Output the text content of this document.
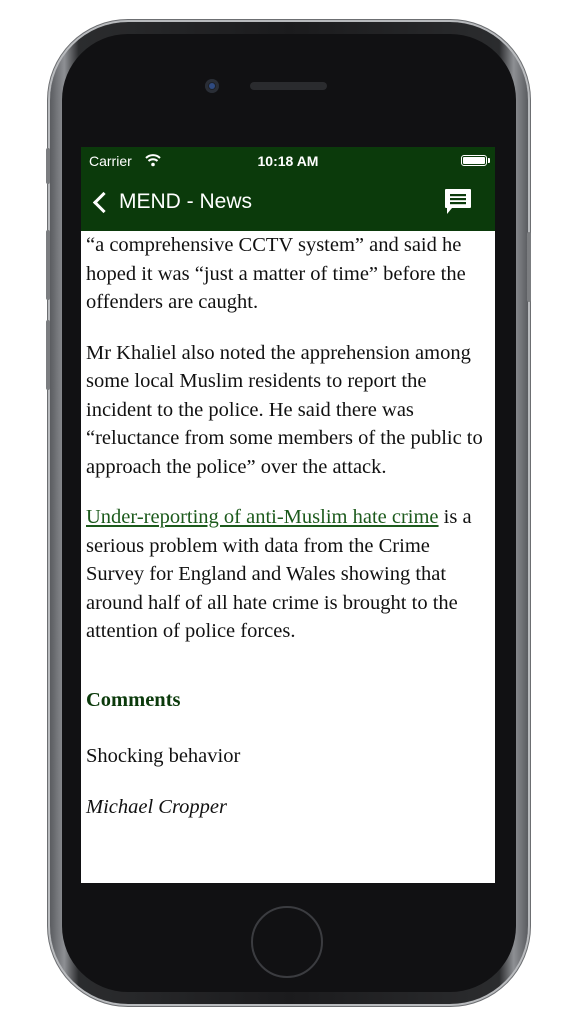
Carrier	10:18 AM
MEND - News

“a comprehensive CCTV system” and said he hoped it was “just a matter of time” before the offenders are caught.

Mr Khaliel also noted the apprehension among some local Muslim residents to report the incident to the police. He said there was “reluctance from some members of the public to approach the police” over the attack.

Under-reporting of anti-Muslim hate crime is a serious problem with data from the Crime Survey for England and Wales showing that around half of all hate crime is brought to the attention of police forces.

Comments
Shocking behavior
Michael Cropper
